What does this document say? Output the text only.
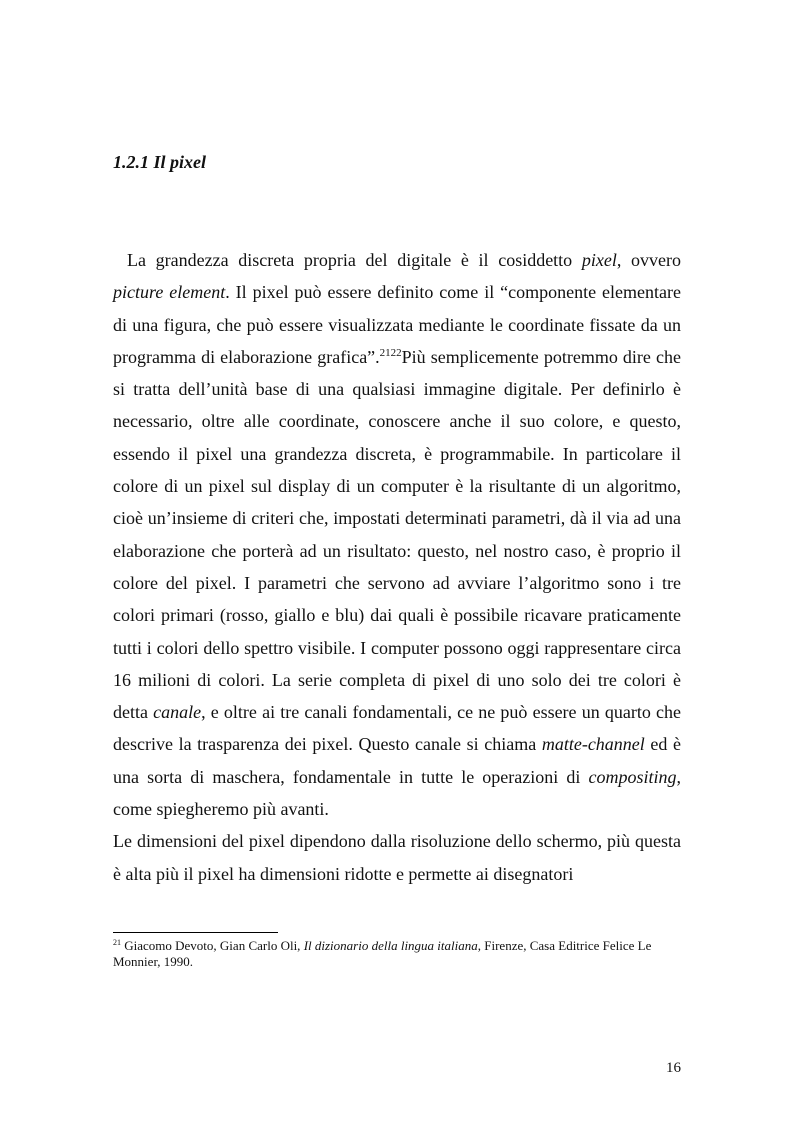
1.2.1 Il pixel

La grandezza discreta propria del digitale è il cosiddetto pixel, ovvero picture element. Il pixel può essere definito come il “componente elementare di una figura, che può essere visualizzata mediante le coordinate fissate da un programma di elaborazione grafica”.$^{2122}$Più semplicemente potremmo dire che si tratta dell’unità base di una qualsiasi immagine digitale. Per definirlo è necessario, oltre alle coordinate, conoscere anche il suo colore, e questo, essendo il pixel una grandezza discreta, è programmabile. In particolare il colore di un pixel sul display di un computer è la risultante di un algoritmo, cioè un’insieme di criteri che, impostati determinati parametri, dà il via ad una elaborazione che porterà ad un risultato: questo, nel nostro caso, è proprio il colore del pixel. I parametri che servono ad avviare l’algoritmo sono i tre colori primari (rosso, giallo e blu) dai quali è possibile ricavare praticamente tutti i colori dello spettro visibile. I computer possono oggi rappresentare circa 16 milioni di colori. La serie completa di pixel di uno solo dei tre colori è detta canale, e oltre ai tre canali fondamentali, ce ne può essere un quarto che descrive la trasparenza dei pixel. Questo canale si chiama matte-channel ed è una sorta di maschera, fondamentale in tutte le operazioni di compositing, come spiegheremo più avanti.

Le dimensioni del pixel dipendono dalla risoluzione dello schermo, più questa è alta più il pixel ha dimensioni ridotte e permette ai disegnatori

$^{21}$ Giacomo Devoto, Gian Carlo Oli, Il dizionario della lingua italiana, Firenze, Casa Editrice Felice Le Monnier, 1990.
16
